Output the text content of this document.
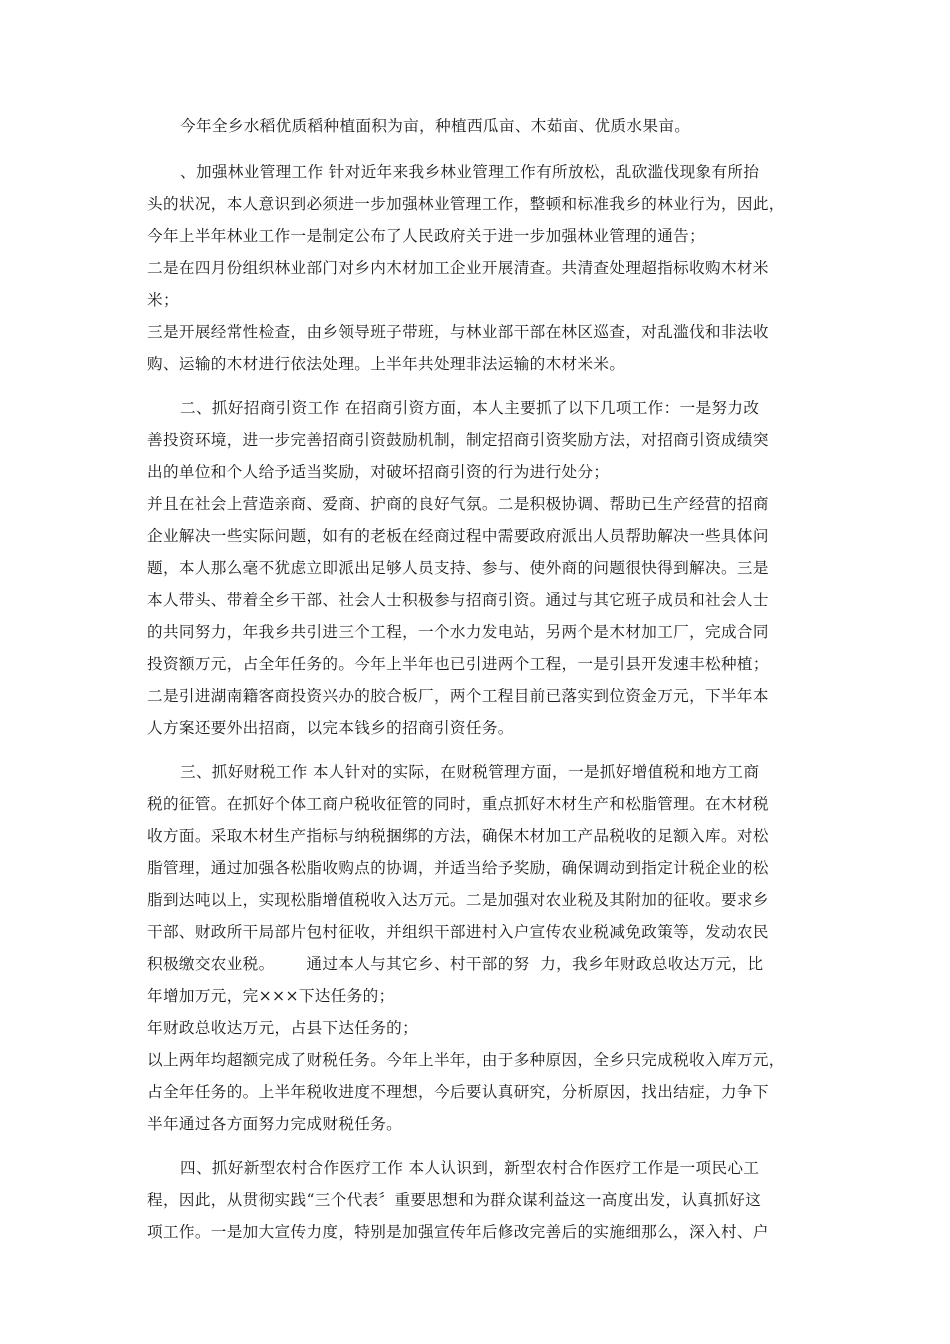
今年全乡水稻优质稻种植面积为亩，种植西瓜亩、木茹亩、优质水果亩。

、加强林业管理工作 针对近年来我乡林业管理工作有所放松，乱砍滥伐现象有所抬

头的状况，本人意识到必须进一步加强林业管理工作，整顿和标准我乡的林业行为，因此，

今年上半年林业工作一是制定公布了人民政府关于进一步加强林业管理的通告；

二是在四月份组织林业部门对乡内木材加工企业开展清查。共清查处理超指标收购木材米

米；

三是开展经常性检查，由乡领导班子带班，与林业部干部在林区巡查，对乱滥伐和非法收

购、运输的木材进行依法处理。上半年共处理非法运输的木材米米。

二、抓好招商引资工作 在招商引资方面，本人主要抓了以下几项工作：一是努力改

善投资环境，进一步完善招商引资鼓励机制，制定招商引资奖励方法，对招商引资成绩突

出的单位和个人给予适当奖励，对破坏招商引资的行为进行处分；

并且在社会上营造亲商、爱商、护商的良好气氛。二是积极协调、帮助已生产经营的招商

企业解决一些实际问题，如有的老板在经商过程中需要政府派出人员帮助解决一些具体问

题，本人那么毫不犹虑立即派出足够人员支持、参与、使外商的问题很快得到解决。三是

本人带头、带着全乡干部、社会人士积极参与招商引资。通过与其它班子成员和社会人士

的共同努力，年我乡共引进三个工程，一个水力发电站，另两个是木材加工厂，完成合同

投资额万元，占全年任务的。今年上半年也已引进两个工程，一是引县开发速丰松种植；

二是引进湖南籍客商投资兴办的胶合板厂，两个工程目前已落实到位资金万元，下半年本

人方案还要外出招商，以完本钱乡的招商引资任务。

三、抓好财税工作 本人针对的实际，在财税管理方面，一是抓好增值税和地方工商

税的征管。在抓好个体工商户税收征管的同时，重点抓好木材生产和松脂管理。在木材税

收方面。采取木材生产指标与纳税捆绑的方法，确保木材加工产品税收的足额入库。对松

脂管理，通过加强各松脂收购点的协调，并适当给予奖励，确保调动到指定计税企业的松

脂到达吨以上，实现松脂增值税收入达万元。二是加强对农业税及其附加的征收。要求乡

干部、财政所干局部片包村征收，并组织干部进村入户宣传农业税减免政策等，发动农民

积极缴交农业税。      通过本人与其它乡、村干部的努  力，我乡年财政总收达万元，比

年增加万元，完×××下达任务的；

年财政总收达万元，占县下达任务的；

以上两年均超额完成了财税任务。今年上半年，由于多种原因，全乡只完成税收入库万元，

占全年任务的。上半年税收进度不理想，今后要认真研究，分析原因，找出结症，力争下

半年通过各方面努力完成财税任务。

四、抓好新型农村合作医疗工作 本人认识到，新型农村合作医疗工作是一项民心工

程，因此，从贯彻实践“三个代表〞重要思想和为群众谋利益这一高度出发，认真抓好这

项工作。一是加大宣传力度，特别是加强宣传年后修改完善后的实施细那么，深入村、户
